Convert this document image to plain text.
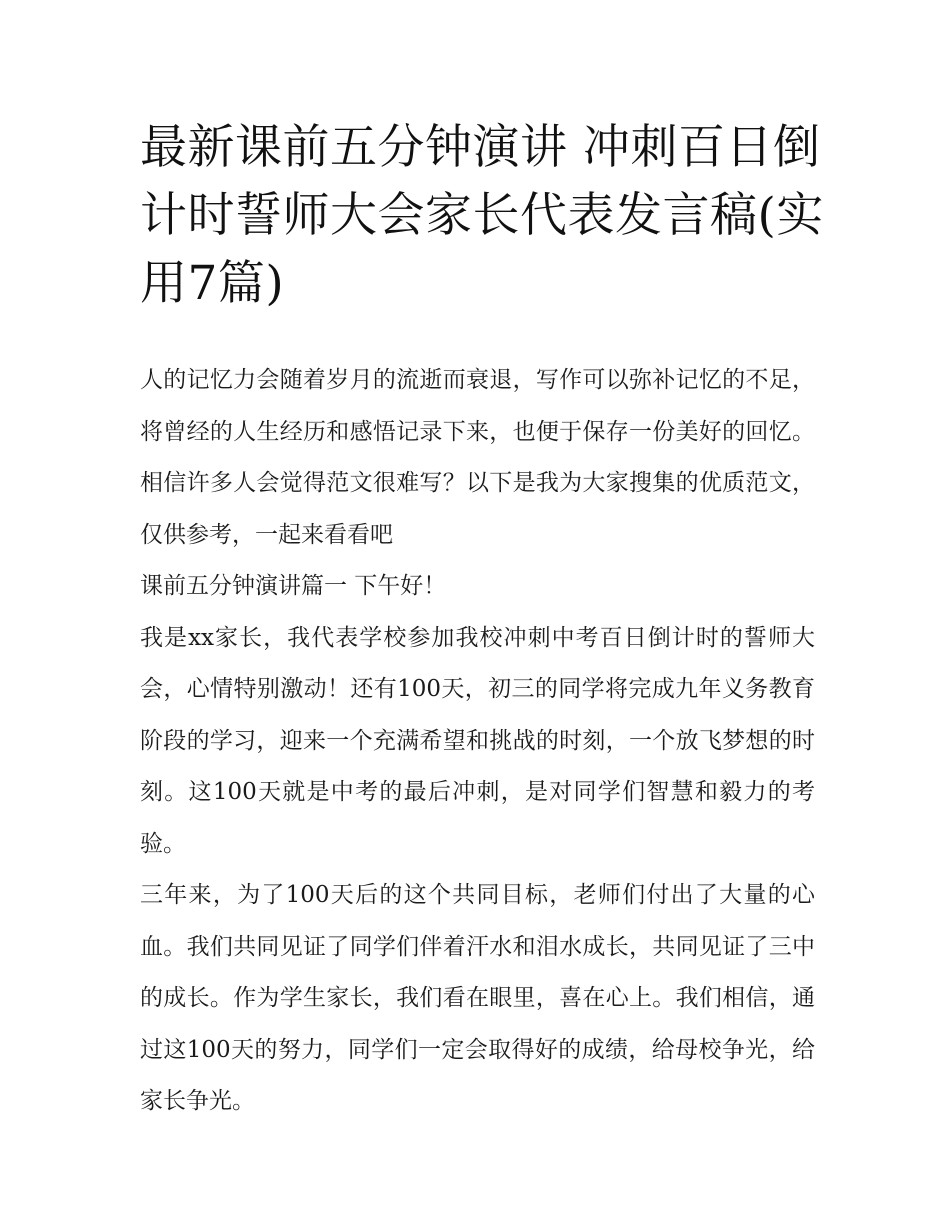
最新课前五分钟演讲 冲刺百日倒计时誓师大会家长代表发言稿(实用7篇)

人的记忆力会随着岁月的流逝而衰退，写作可以弥补记忆的不足，将曾经的人生经历和感悟记录下来，也便于保存一份美好的回忆。相信许多人会觉得范文很难写？以下是我为大家搜集的优质范文，仅供参考，一起来看看吧

课前五分钟演讲篇一 下午好！

我是xx家长，我代表学校参加我校冲刺中考百日倒计时的誓师大会，心情特别激动！还有100天，初三的同学将完成九年义务教育阶段的学习，迎来一个充满希望和挑战的时刻，一个放飞梦想的时刻。这100天就是中考的最后冲刺，是对同学们智慧和毅力的考验。

三年来，为了100天后的这个共同目标，老师们付出了大量的心血。我们共同见证了同学们伴着汗水和泪水成长，共同见证了三中的成长。作为学生家长，我们看在眼里，喜在心上。我们相信，通过这100天的努力，同学们一定会取得好的成绩，给母校争光，给家长争光。
